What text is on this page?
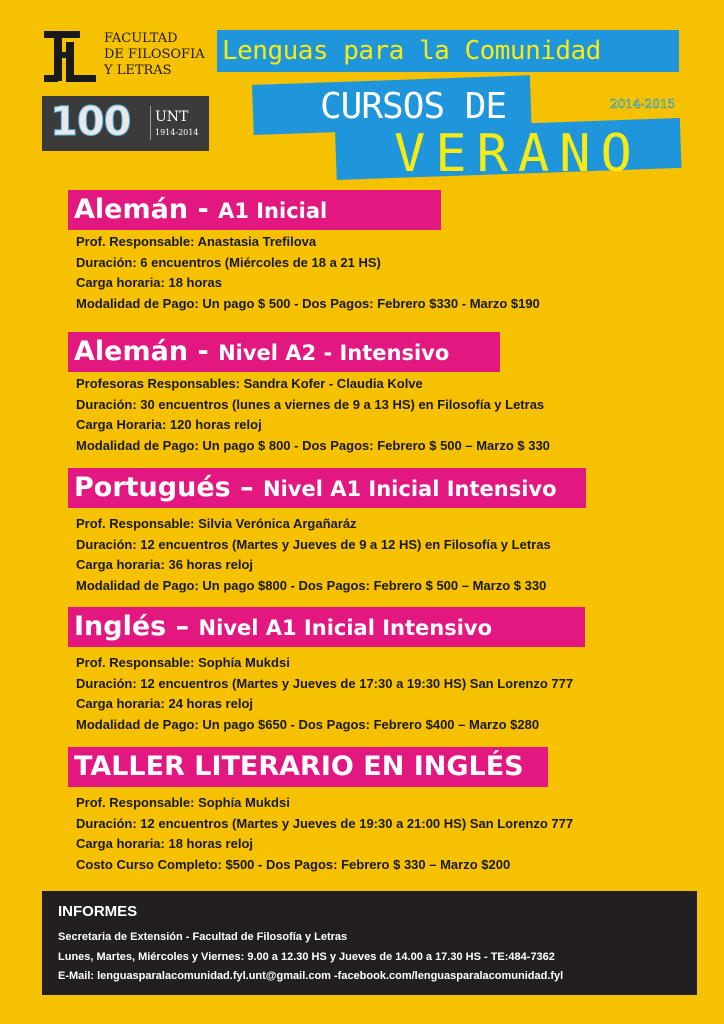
FACULTAD
DE FILOSOFIA
Y LETRAS
100 UNT
1914-2014
Lenguas para la Comunidad
CURSOS DE
VERANO
2014-2015
Alemán - A1 Inicial
Prof. Responsable: Anastasia Trefilova
Duración: 6 encuentros (Miércoles de 18 a 21 HS)
Carga horaria: 18 horas
Modalidad de Pago: Un pago $ 500 - Dos Pagos: Febrero $330 - Marzo $190
Alemán - Nivel A2 - Intensivo
Profesoras Responsables: Sandra Kofer - Claudia Kolve
Duración: 30 encuentros (lunes a viernes de 9 a 13 HS) en Filosofía y Letras
Carga Horaria: 120 horas reloj
Modalidad de Pago: Un pago $ 800 - Dos Pagos: Febrero $ 500 – Marzo $ 330
Portugués – Nivel A1 Inicial Intensivo
Prof. Responsable: Silvia Verónica Argañaráz
Duración: 12 encuentros (Martes y Jueves de 9 a 12 HS) en Filosofía y Letras
Carga horaria: 36 horas reloj
Modalidad de Pago: Un pago $800 - Dos Pagos: Febrero $ 500 – Marzo $ 330
Inglés – Nivel A1 Inicial Intensivo
Prof. Responsable: Sophía Mukdsi
Duración: 12 encuentros (Martes y Jueves de 17:30 a 19:30 HS) San Lorenzo 777
Carga horaria: 24 horas reloj
Modalidad de Pago: Un pago $650 - Dos Pagos: Febrero $400 – Marzo $280
TALLER LITERARIO EN INGLÉS
Prof. Responsable: Sophía Mukdsi
Duración: 12 encuentros (Martes y Jueves de 19:30 a 21:00 HS) San Lorenzo 777
Carga horaria: 18 horas reloj
Costo Curso Completo: $500 - Dos Pagos: Febrero $ 330 – Marzo $200
INFORMES
Secretaria de Extensión - Facultad de Filosofía y Letras
Lunes, Martes, Miércoles y Viernes: 9.00 a 12.30 HS y Jueves de 14.00 a 17.30 HS - TE:484-7362
E-Mail: lenguasparalacomunidad.fyl.unt@gmail.com -facebook.com/lenguasparalacomunidad.fyl
